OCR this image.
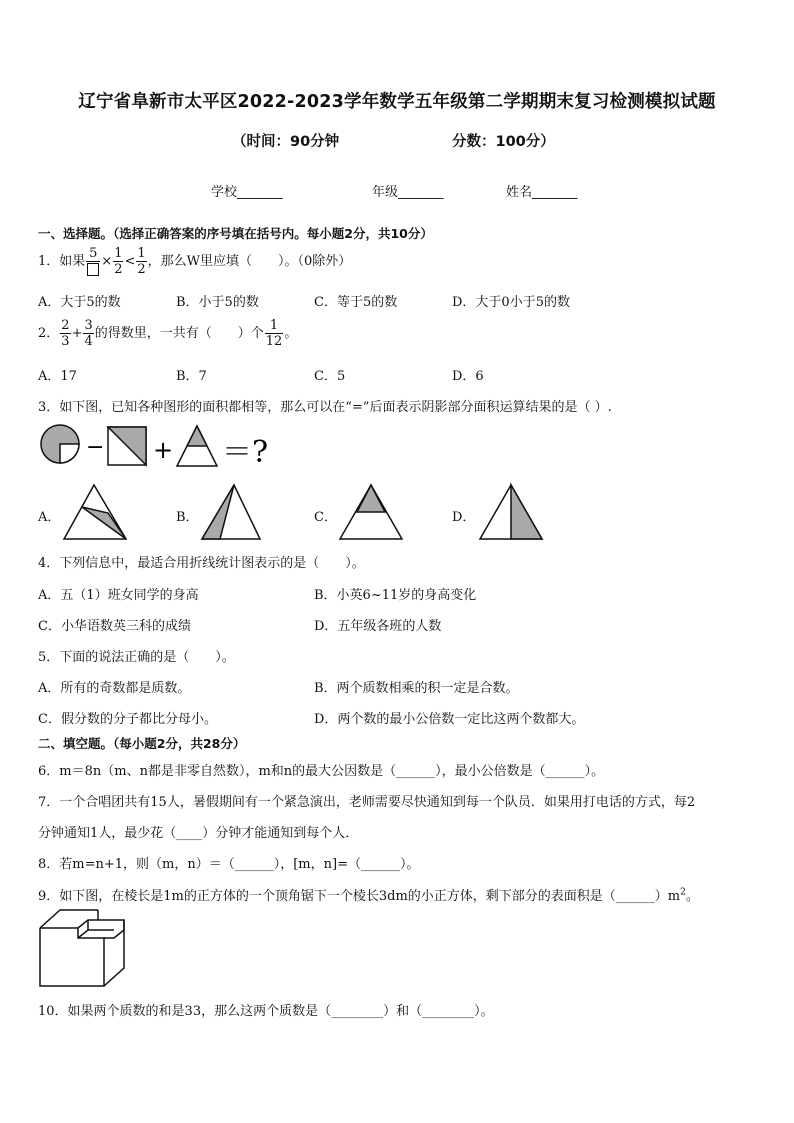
辽宁省阜新市太平区2022-2023学年数学五年级第二学期期末复习检测模拟试题
（时间：90分钟	分数：100分）
学校_______	年级_______	姓名_______
一、选择题。（选择正确答案的序号填在括号内。每小题2分，共10分）
1．如果
5
× $\frac{1}{2} < \frac{1}{2}$ ，那么W里应填（　　）。（0除外）
A．大于5的数	B．小于5的数	C．等于5的数	D．大于0小于5的数
2． $\frac{2}{3} + \frac{3}{4}$ 的得数里，一共有（　　）个 $\frac{1}{12}$ 。
A．17	B．7	C．5	D．6
3．如下图，已知各种图形的面积都相等，那么可以在“=”后面表示阴影部分面积运算结果的是（ ）.
− + ＝?
A．	B．	C．	D．
4．下列信息中，最适合用折线统计图表示的是（　　）。
A．五（1）班女同学的身高	B．小英6~11岁的身高变化
C．小华语数英三科的成绩	D．五年级各班的人数
5．下面的说法正确的是（　　）。
A．所有的奇数都是质数。	B．两个质数相乘的积一定是合数。
C．假分数的分子都比分母小。	D．两个数的最小公倍数一定比这两个数都大。
二、填空题。（每小题2分，共28分）
6．m＝8n（m、n都是非零自然数），m和n的最大公因数是（______），最小公倍数是（______）。
7．一个合唱团共有15人，暑假期间有一个紧急演出，老师需要尽快通知到每一个队员．如果用打电话的方式，每2
分钟通知1人，最少花（____）分钟才能通知到每个人．
8．若m=n+1，则（m，n）＝（______），[m，n]=（______）。
9．如下图，在棱长是1m的正方体的一个顶角锯下一个棱长3dm的小正方体，剩下部分的表面积是$(\_\_\_\_\_\_)m^2$。
10．如果两个质数的和是33，那么这两个质数是（________）和（________）。
